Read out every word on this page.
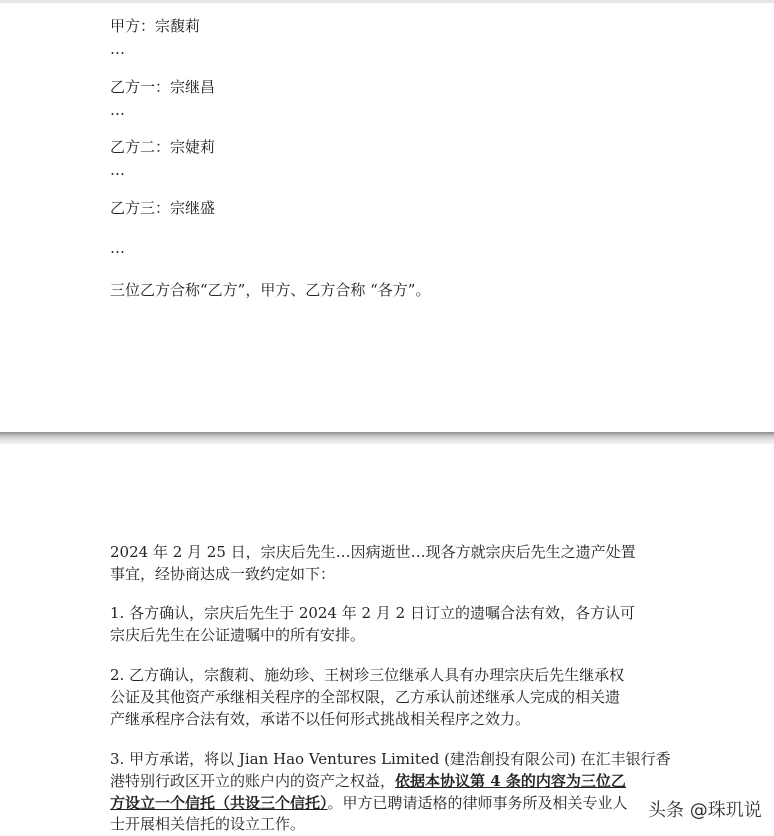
甲方：宗馥莉
…
乙方一：宗继昌
…
乙方二：宗婕莉
…
乙方三：宗继盛
…
三位乙方合称“乙方”，甲方、乙方合称 “各方”。
2024 年 2 月 25 日，宗庆后先生…因病逝世…现各方就宗庆后先生之遗产处置
事宜，经协商达成一致约定如下：
1. 各方确认，宗庆后先生于 2024 年 2 月 2 日订立的遗嘱合法有效，各方认可
宗庆后先生在公证遗嘱中的所有安排。
2. 乙方确认，宗馥莉、施幼珍、王树珍三位继承人具有办理宗庆后先生继承权
公证及其他资产承继相关程序的全部权限，乙方承认前述继承人完成的相关遗
产继承程序合法有效，承诺不以任何形式挑战相关程序之效力。
3. 甲方承诺，将以 Jian Hao Ventures Limited (建浩創投有限公司) 在汇丰银行香
港特别行政区开立的账户内的资产之权益，依据本协议第 4 条的内容为三位乙
方设立一个信托（共设三个信托）。甲方已聘请适格的律师事务所及相关专业人
士开展相关信托的设立工作。
头条 @珠玑说
